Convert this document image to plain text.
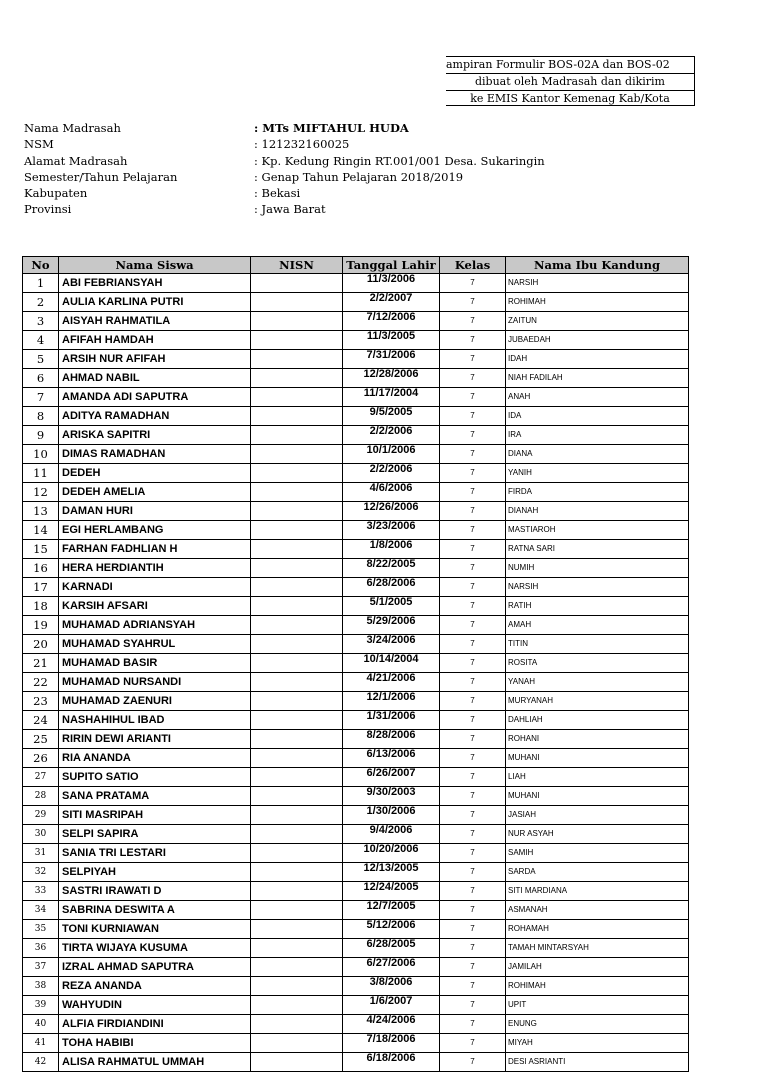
ampiran Formulir BOS-02A dan BOS-02
dibuat oleh Madrasah dan dikirim
ke EMIS Kantor Kemenag Kab/Kota
Nama Madrasah	: MTs MIFTAHUL HUDA
NSM	: 121232160025
Alamat Madrasah	: Kp. Kedung Ringin RT.001/001 Desa. Sukaringin
Semester/Tahun Pelajaran	: Genap Tahun Pelajaran 2018/2019
Kabupaten	: Bekasi
Provinsi	: Jawa Barat
No	Nama Siswa	NISN	Tanggal Lahir	Kelas	Nama Ibu Kandung
1	ABI FEBRIANSYAH		11/3/2006	7	NARSIH
2	AULIA KARLINA PUTRI		2/2/2007	7	ROHIMAH
3	AISYAH RAHMATILA		7/12/2006	7	ZAITUN
4	AFIFAH HAMDAH		11/3/2005	7	JUBAEDAH
5	ARSIH NUR AFIFAH		7/31/2006	7	IDAH
6	AHMAD NABIL		12/28/2006	7	NIAH FADILAH
7	AMANDA ADI SAPUTRA		11/17/2004	7	ANAH
8	ADITYA RAMADHAN		9/5/2005	7	IDA
9	ARISKA SAPITRI		2/2/2006	7	IRA
10	DIMAS RAMADHAN		10/1/2006	7	DIANA
11	DEDEH		2/2/2006	7	YANIH
12	DEDEH AMELIA		4/6/2006	7	FIRDA
13	DAMAN HURI		12/26/2006	7	DIANAH
14	EGI HERLAMBANG		3/23/2006	7	MASTIAROH
15	FARHAN FADHLIAN H		1/8/2006	7	RATNA SARI
16	HERA HERDIANTIH		8/22/2005	7	NUMIH
17	KARNADI		6/28/2006	7	NARSIH
18	KARSIH AFSARI		5/1/2005	7	RATIH
19	MUHAMAD ADRIANSYAH		5/29/2006	7	AMAH
20	MUHAMAD SYAHRUL		3/24/2006	7	TITIN
21	MUHAMAD BASIR		10/14/2004	7	ROSITA
22	MUHAMAD NURSANDI		4/21/2006	7	YANAH
23	MUHAMAD ZAENURI		12/1/2006	7	MURYANAH
24	NASHAHIHUL IBAD		1/31/2006	7	DAHLIAH
25	RIRIN DEWI ARIANTI		8/28/2006	7	ROHANI
26	RIA ANANDA		6/13/2006	7	MUHANI
27	SUPITO SATIO		6/26/2007	7	LIAH
28	SANA PRATAMA		9/30/2003	7	MUHANI
29	SITI MASRIPAH		1/30/2006	7	JASIAH
30	SELPI SAPIRA		9/4/2006	7	NUR ASYAH
31	SANIA TRI LESTARI		10/20/2006	7	SAMIH
32	SELPIYAH		12/13/2005	7	SARDA
33	SASTRI IRAWATI D		12/24/2005	7	SITI MARDIANA
34	SABRINA DESWITA A		12/7/2005	7	ASMANAH
35	TONI KURNIAWAN		5/12/2006	7	ROHAMAH
36	TIRTA WIJAYA KUSUMA		6/28/2005	7	TAMAH MINTARSYAH
37	IZRAL AHMAD SAPUTRA		6/27/2006	7	JAMILAH
38	REZA ANANDA		3/8/2006	7	ROHIMAH
39	WAHYUDIN		1/6/2007	7	UPIT
40	ALFIA FIRDIANDINI		4/24/2006	7	ENUNG
41	TOHA HABIBI		7/18/2006	7	MIYAH
42	ALISA RAHMATUL UMMAH		6/18/2006	7	DESI ASRIANTI
